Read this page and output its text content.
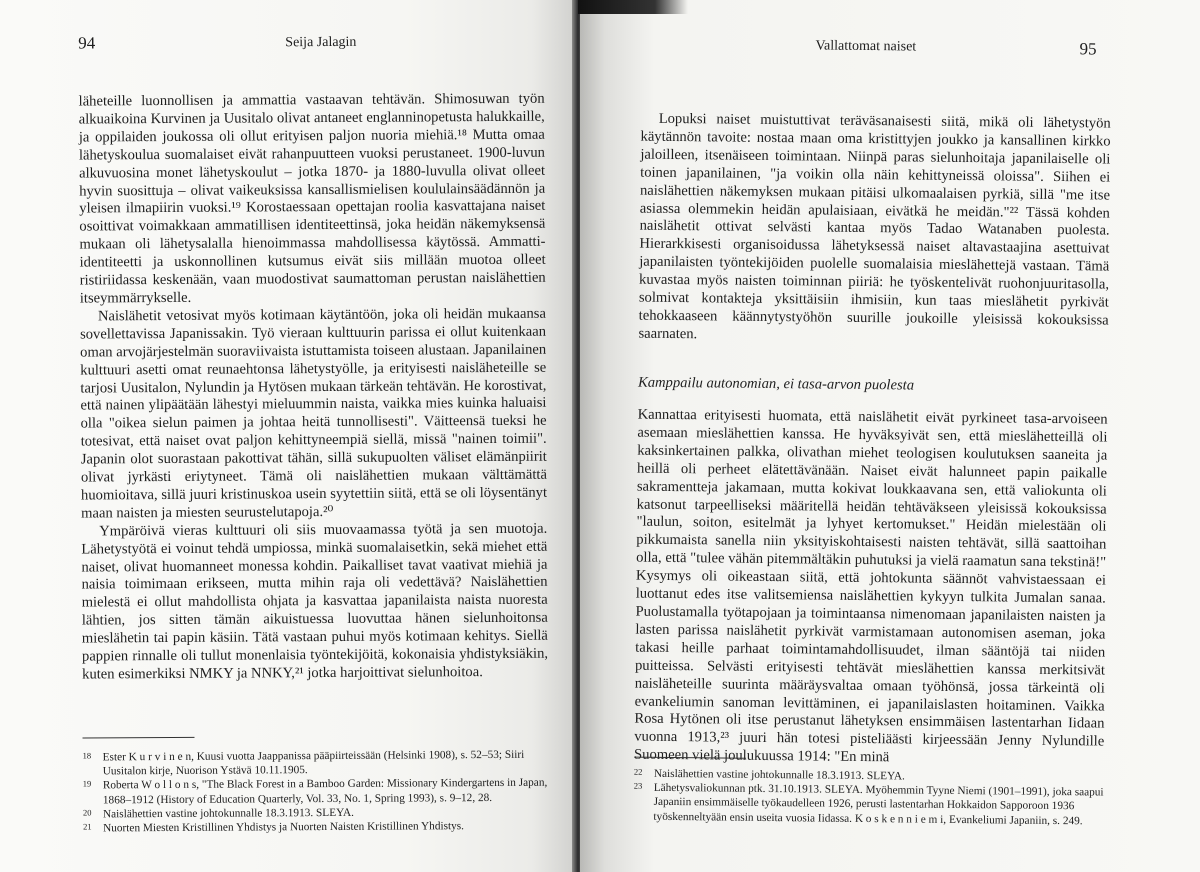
94	Seija Jalagin

läheteille luonnollisen ja ammattia vastaavan tehtävän. Shimosuwan työn alkuaikoina Kurvinen ja Uusitalo olivat antaneet englanninopetusta halukkaille, ja oppilaiden joukossa oli ollut erityisen paljon nuoria miehiä.¹⁸ Mutta omaa lähetyskoulua suomalaiset eivät rahanpuutteen vuoksi perustaneet. 1900-luvun alkuvuosina monet lähetyskoulut – jotka 1870- ja 1880-luvulla olivat olleet hyvin suosittuja – olivat vaikeuksissa kansallismielisen koululainsäädännön ja yleisen ilmapiirin vuoksi.¹⁹ Korostaessaan opettajan roolia kasvattajana naiset osoittivat voimakkaan ammatillisen identiteettinsä, joka heidän näkemyksensä mukaan oli lähetysalalla hienoimmassa mahdollisessa käytössä. Ammatti-identiteetti ja uskonnollinen kutsumus eivät siis millään muotoa olleet ristiriidassa keskenään, vaan muodostivat saumattoman perustan naislähettien itseymmärrykselle.

Naislähetit vetosivat myös kotimaan käytäntöön, joka oli heidän mukaansa sovellettavissa Japanissakin. Työ vieraan kulttuurin parissa ei ollut kuitenkaan oman arvojärjestelmän suoraviivaista istuttamista toiseen alustaan. Japanilainen kulttuuri asetti omat reunaehtonsa lähetystyölle, ja erityisesti naisläheteille se tarjosi Uusitalon, Nylundin ja Hytösen mukaan tärkeän tehtävän. He korostivat, että nainen ylipäätään lähestyi mieluummin naista, vaikka mies kuinka haluaisi olla "oikea sielun paimen ja johtaa heitä tunnollisesti". Väitteensä tueksi he totesivat, että naiset ovat paljon kehittyneempiä siellä, missä "nainen toimii". Japanin olot suorastaan pakottivat tähän, sillä sukupuolten väliset elämänpiirit olivat jyrkästi eriytyneet. Tämä oli naislähettien mukaan välttämättä huomioitava, sillä juuri kristinuskoa usein syytettiin siitä, että se oli löysentänyt maan naisten ja miesten seurustelutapoja.²⁰

Ympäröivä vieras kulttuuri oli siis muovaamassa työtä ja sen muotoja. Lähetystyötä ei voinut tehdä umpiossa, minkä suomalaisetkin, sekä miehet että naiset, olivat huomanneet monessa kohdin. Paikalliset tavat vaativat miehiä ja naisia toimimaan erikseen, mutta mihin raja oli vedettävä? Naislähettien mielestä ei ollut mahdollista ohjata ja kasvattaa japanilaista naista nuoresta lähtien, jos sitten tämän aikuistuessa luovuttaa hänen sielunhoitonsa mieslähetin tai papin käsiin. Tätä vastaan puhui myös kotimaan kehitys. Siellä pappien rinnalle oli tullut monenlaisia työntekijöitä, kokonaisia yhdistyksiäkin, kuten esimerkiksi NMKY ja NNKY,²¹ jotka harjoittivat sielunhoitoa.

18 Ester K u r v i n e n, Kuusi vuotta Jaappanissa pääpiirteissään (Helsinki 1908), s. 52–53; Siiri Uusitalon kirje, Nuorison Ystävä 10.11.1905.
19 Roberta W o l l o n s, "The Black Forest in a Bamboo Garden: Missionary Kindergartens in Japan, 1868–1912 (History of Education Quarterly, Vol. 33, No. 1, Spring 1993), s. 9–12, 28.
20 Naislähettien vastine johtokunnalle 18.3.1913. SLEYA.
21 Nuorten Miesten Kristillinen Yhdistys ja Nuorten Naisten Kristillinen Yhdistys.
Vallattomat naiset	95

Lopuksi naiset muistuttivat teräväsanaisesti siitä, mikä oli lähetystyön käytännön tavoite: nostaa maan oma kristittyjen joukko ja kansallinen kirkko jaloilleen, itsenäiseen toimintaan. Niinpä paras sielunhoitaja japanilaiselle oli toinen japanilainen, "ja voikin olla näin kehittyneissä oloissa". Siihen ei naislähettien näkemyksen mukaan pitäisi ulkomaalaisen pyrkiä, sillä "me itse asiassa olemmekin heidän apulaisiaan, eivätkä he meidän."²² Tässä kohden naislähetit ottivat selvästi kantaa myös Tadao Watanaben puolesta. Hierarkkisesti organisoidussa lähetyksessä naiset altavastaajina asettuivat japanilaisten työntekijöiden puolelle suomalaisia mieslähettejä vastaan. Tämä kuvastaa myös naisten toiminnan piiriä: he työskentelivät ruohonjuuritasolla, solmivat kontakteja yksittäisiin ihmisiin, kun taas mieslähetit pyrkivät tehokkaaseen käännytystyöhön suurille joukoille yleisissä kokouksissa saarnaten.

Kamppailu autonomian, ei tasa-arvon puolesta

Kannattaa erityisesti huomata, että naislähetit eivät pyrkineet tasa-arvoiseen asemaan mieslähettien kanssa. He hyväksyivät sen, että mieslähetteillä oli kaksinkertainen palkka, olivathan miehet teologisen koulutuksen saaneita ja heillä oli perheet elätettävänään. Naiset eivät halunneet papin paikalle sakramentteja jakamaan, mutta kokivat loukkaavana sen, että valiokunta oli katsonut tarpeelliseksi määritellä heidän tehtäväkseen yleisissä kokouksissa "laulun, soiton, esitelmät ja lyhyet kertomukset." Heidän mielestään oli pikkumaista sanella niin yksityiskohtaisesti naisten tehtävät, sillä saattoihan olla, että "tulee vähän pitemmältäkin puhutuksi ja vielä raamatun sana tekstinä!" Kysymys oli oikeastaan siitä, että johtokunta säännöt vahvistaessaan ei luottanut edes itse valitsemiensa naislähettien kykyyn tulkita Jumalan sanaa. Puolustamalla työtapojaan ja toimintaansa nimenomaan japanilaisten naisten ja lasten parissa naislähetit pyrkivät varmistamaan autonomisen aseman, joka takasi heille parhaat toimintamahdollisuudet, ilman sääntöjä tai niiden puitteissa. Selvästi erityisesti tehtävät mieslähettien kanssa merkitsivät naisläheteille suurinta määräysvaltaa omaan työhönsä, jossa tärkeintä oli evankeliumin sanoman levittäminen, ei japanilaislasten hoitaminen. Vaikka Rosa Hytönen oli itse perustanut lähetyksen ensimmäisen lastentarhan Iidaan vuonna 1913,²³ juuri hän totesi pisteliäästi kirjeessään Jenny Nylundille Suomeen vielä joulukuussa 1914: "En minä

22 Naislähettien vastine johtokunnalle 18.3.1913. SLEYA.
23 Lähetysvaliokunnan ptk. 31.10.1913. SLEYA. Myöhemmin Tyyne Niemi (1901–1991), joka saapui Japaniin ensimmäiselle työkaudelleen 1926, perusti lastentarhan Hokkaidon Sapporoon 1936 työskenneltyään ensin useita vuosia Iidassa. K o s k e n n i e m i, Evankeliumi Japaniin, s. 249.
